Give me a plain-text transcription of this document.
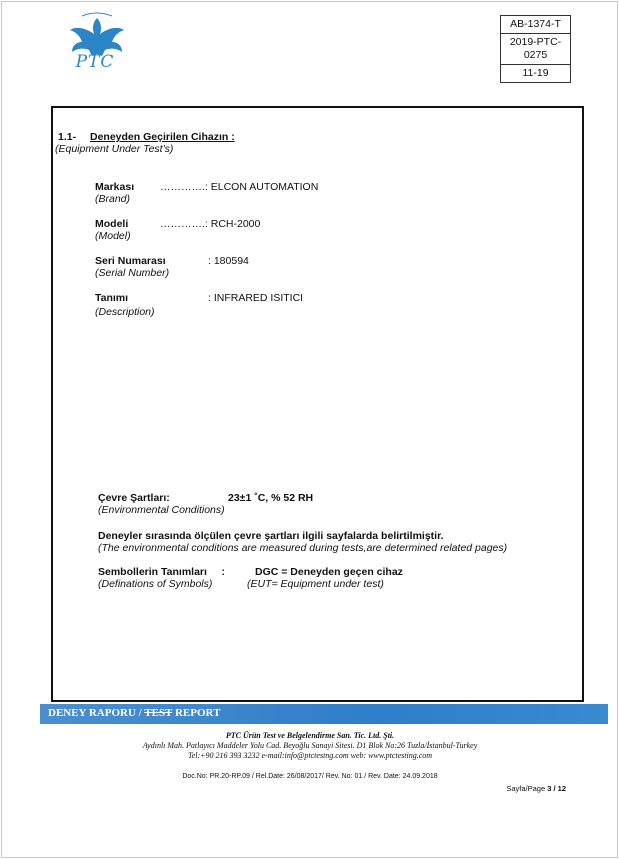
PTC

AB-1374-T
2019-PTC-0275
11-19
1.1- Deneyden Geçirilen Cihazın :
(Equipment Under Test's)
Markası ………….: ELCON AUTOMATION
(Brand)
Modeli	………….: RCH-2000
(Model)
Seri Numarası	: 180594
(Serial Number)
Tanımı	: INFRARED ISITICI
(Description)
Çevre Şartları:	23±1 ˚C, % 52 RH
(Environmental Conditions)
Deneyler sırasında ölçülen çevre şartları ilgili sayfalarda belirtilmiştir.
(The environmental conditions are measured during tests,are determined related pages)
Sembollerin Tanımları     :	DGC = Deneyden geçen cihaz
(Definations of Symbols)	(EUT= Equipment under test)
DENEY RAPORU / TEST REPORT
PTC Ürün Test ve Belgelendirme San. Tic. Ltd. Şti.
Aydınlı Mah. Patlayıcı Maddeler Yolu Cad. Beyoğlu Sanayi Sitesi. D1 Blok No:26 Tuzla/İstanbul-Turkey
Tel:+90 216 393 3232 e-mail:info@ptctestng.com web: www.ptctesting.com
Doc.No: PR.20-RP.09 / Rel.Date: 26/08/2017/ Rev. No: 01 / Rev. Date: 24.09.2018
Sayfa/Page 3 / 12
